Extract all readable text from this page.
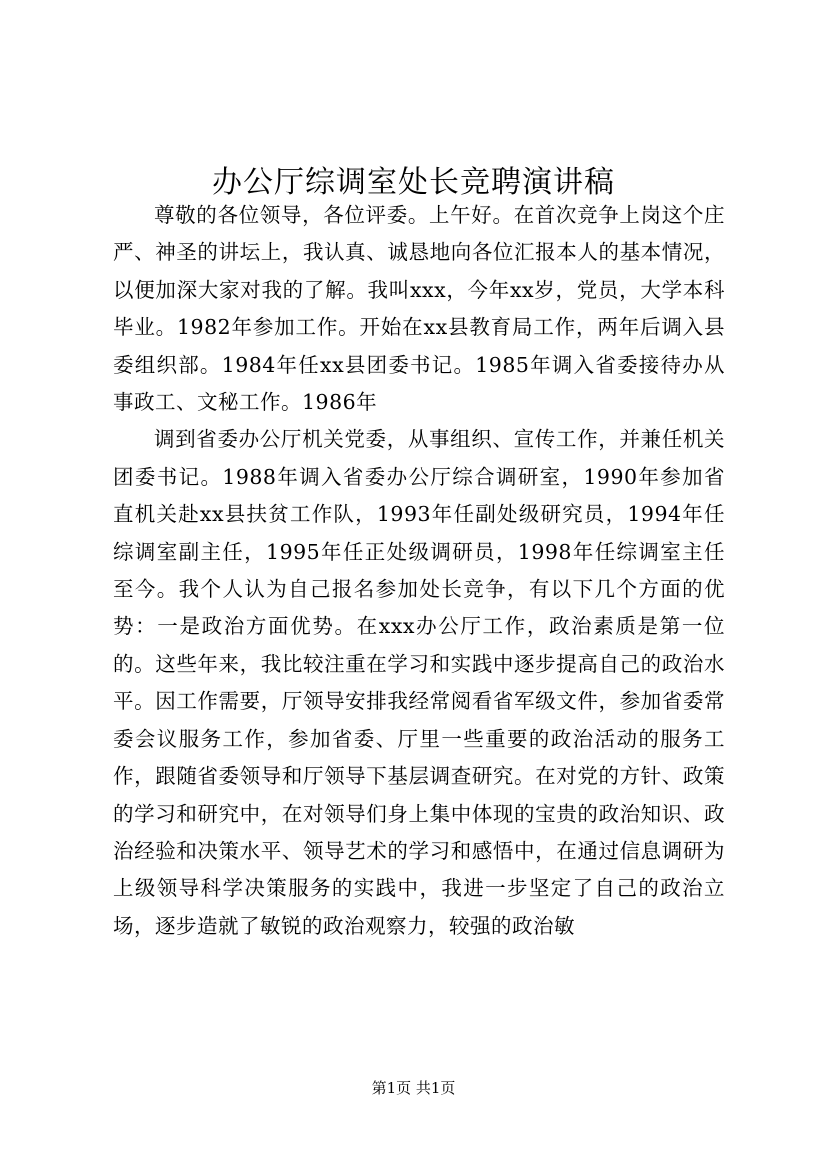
办公厅综调室处长竞聘演讲稿

尊敬的各位领导，各位评委。上午好。在首次竞争上岗这个庄严、神圣的讲坛上，我认真、诚恳地向各位汇报本人的基本情况，以便加深大家对我的了解。我叫xxx，今年xx岁，党员，大学本科毕业。1982年参加工作。开始在xx县教育局工作，两年后调入县委组织部。1984年任xx县团委书记。1985年调入省委接待办从事政工、文秘工作。1986年

调到省委办公厅机关党委，从事组织、宣传工作，并兼任机关团委书记。1988年调入省委办公厅综合调研室，1990年参加省直机关赴xx县扶贫工作队，1993年任副处级研究员，1994年任综调室副主任，1995年任正处级调研员，1998年任综调室主任至今。我个人认为自己报名参加处长竞争，有以下几个方面的优势：一是政治方面优势。在xxx办公厅工作，政治素质是第一位的。这些年来，我比较注重在学习和实践中逐步提高自己的政治水平。因工作需要，厅领导安排我经常阅看省军级文件，参加省委常委会议服务工作，参加省委、厅里一些重要的政治活动的服务工作，跟随省委领导和厅领导下基层调查研究。在对党的方针、政策的学习和研究中，在对领导们身上集中体现的宝贵的政治知识、政治经验和决策水平、领导艺术的学习和感悟中，在通过信息调研为上级领导科学决策服务的实践中，我进一步坚定了自己的政治立场，逐步造就了敏锐的政治观察力，较强的政治敏

第1页 共1页
